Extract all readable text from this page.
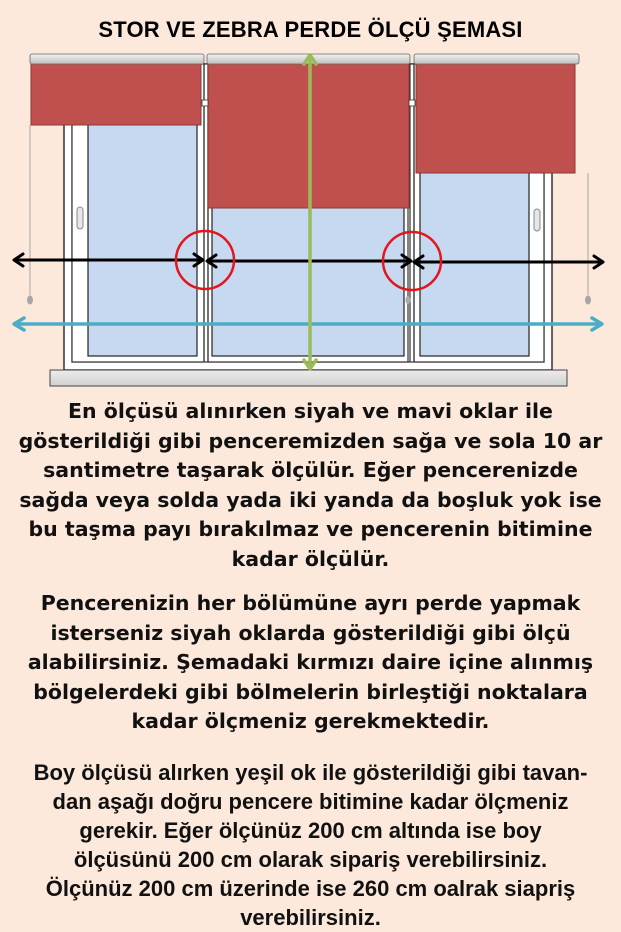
STOR VE ZEBRA PERDE ÖLÇÜ ŞEMASI
En ölçüsü alınırken siyah ve mavi oklar ile
gösterildiği gibi penceremizden sağa ve sola 10 ar
santimetre taşarak ölçülür. Eğer pencerenizde
sağda veya solda yada iki yanda da boşluk yok ise
bu taşma payı bırakılmaz ve pencerenin bitimine
kadar ölçülür.
Pencerenizin her bölümüne ayrı perde yapmak
isterseniz siyah oklarda gösterildiği gibi ölçü
alabilirsiniz. Şemadaki kırmızı daire içine alınmış
bölgelerdeki gibi bölmelerin birleştiği noktalara
kadar ölçmeniz gerekmektedir.
Boy ölçüsü alırken yeşil ok ile gösterildiği gibi tavan-
dan aşağı doğru pencere bitimine kadar ölçmeniz
gerekir. Eğer ölçünüz 200 cm altında ise boy
ölçüsünü 200 cm olarak sipariş verebilirsiniz.
Ölçünüz 200 cm üzerinde ise 260 cm oalrak siapriş
verebilirsiniz.
